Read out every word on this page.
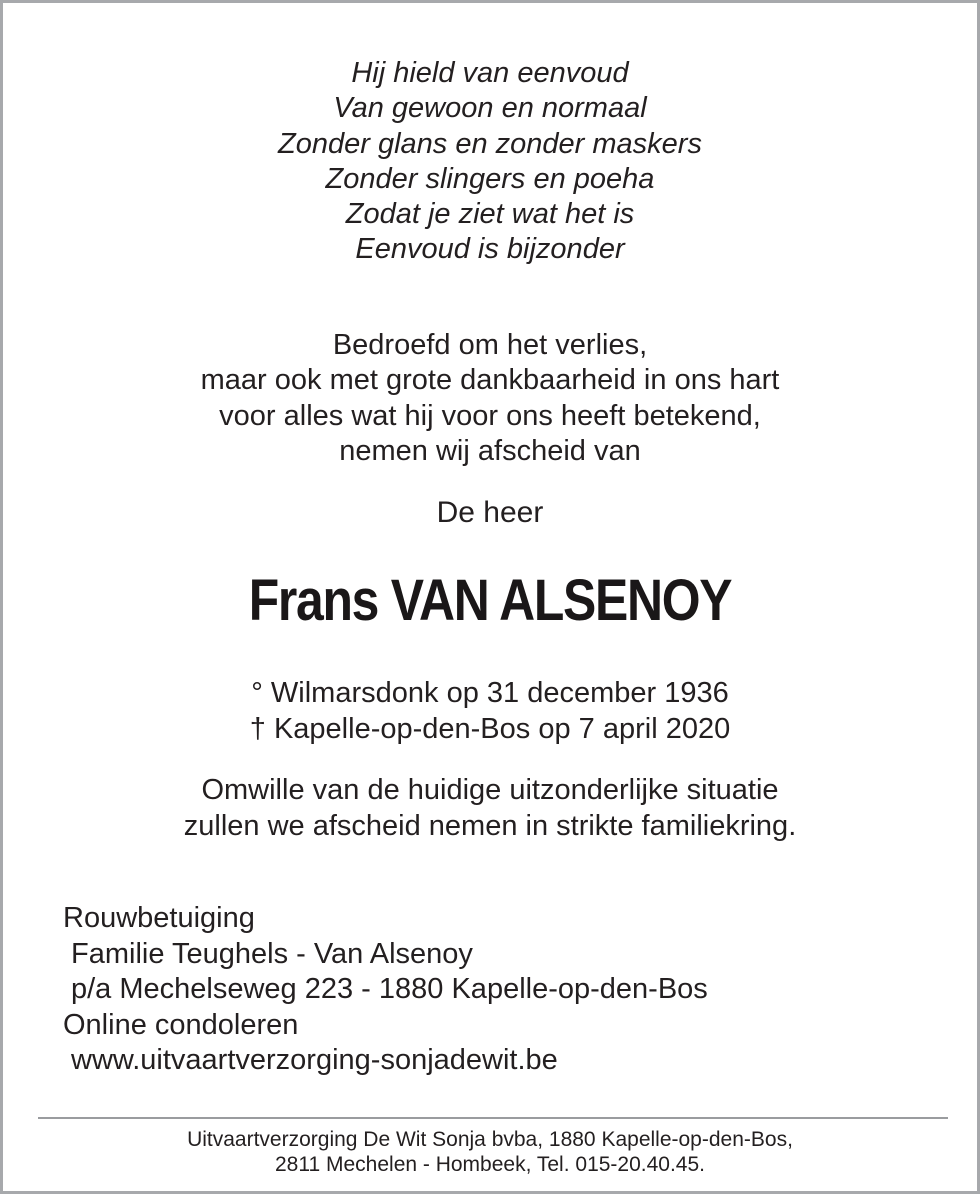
Hij hield van eenvoud
Van gewoon en normaal
Zonder glans en zonder maskers
Zonder slingers en poeha
Zodat je ziet wat het is
Eenvoud is bijzonder
Bedroefd om het verlies,
maar ook met grote dankbaarheid in ons hart
voor alles wat hij voor ons heeft betekend,
nemen wij afscheid van
De heer
Frans VAN ALSENOY
° Wilmarsdonk op 31 december 1936
† Kapelle-op-den-Bos op 7 april 2020
Omwille van de huidige uitzonderlijke situatie
zullen we afscheid nemen in strikte familiekring.
Rouwbetuiging
Familie Teughels - Van Alsenoy
p/a Mechelseweg 223 - 1880 Kapelle-op-den-Bos
Online condoleren
www.uitvaartverzorging-sonjadewit.be
Uitvaartverzorging De Wit Sonja bvba, 1880 Kapelle-op-den-Bos,
2811 Mechelen - Hombeek, Tel. 015-20.40.45.
